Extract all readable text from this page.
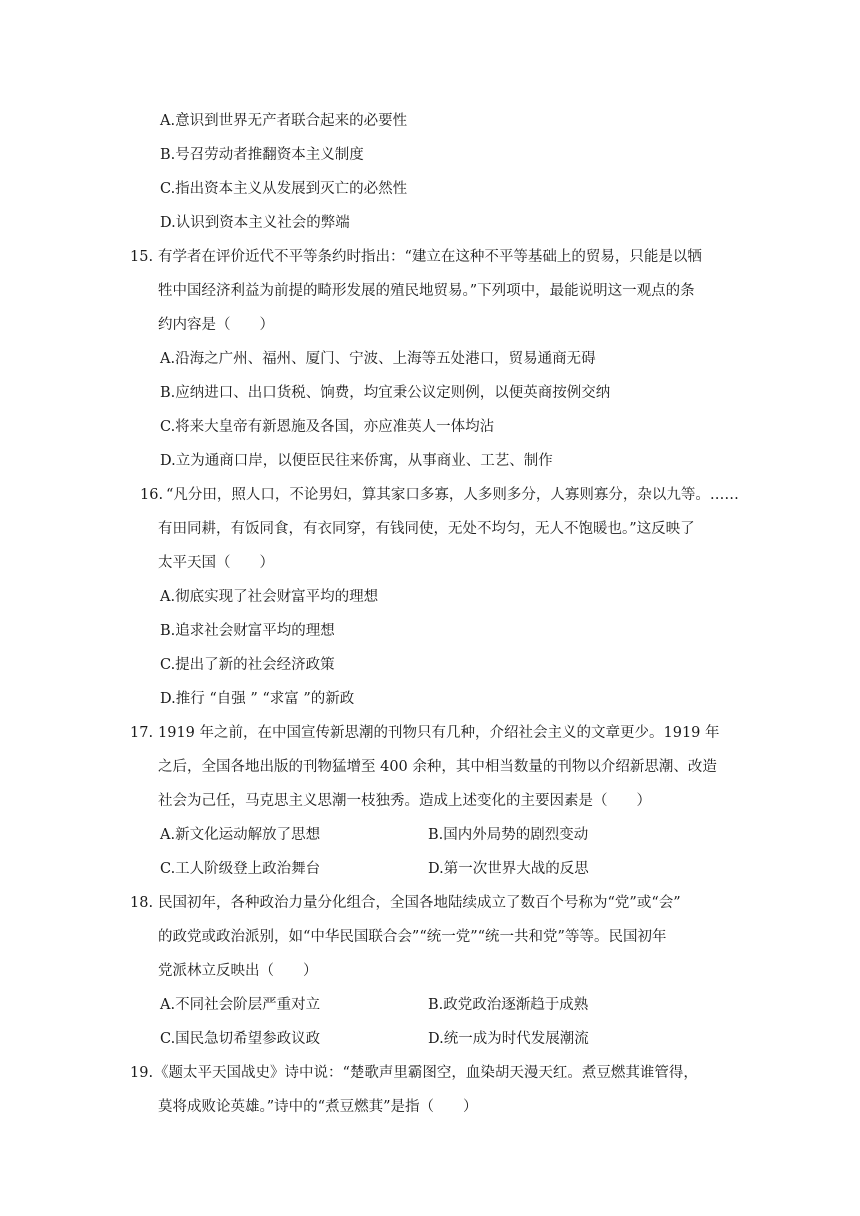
A.意识到世界无产者联合起来的必要性
B.号召劳动者推翻资本主义制度
C.指出资本主义从发展到灭亡的必然性
D.认识到资本主义社会的弊端
15. 有学者在评价近代不平等条约时指出：“建立在这种不平等基础上的贸易，只能是以牺
牲中国经济利益为前提的畸形发展的殖民地贸易。”下列项中，最能说明这一观点的条
约内容是（　　）
A.沿海之广州、福州、厦门、宁波、上海等五处港口，贸易通商无碍
B.应纳进口、出口货税、饷费，均宜秉公议定则例，以便英商按例交纳
C.将来大皇帝有新恩施及各国，亦应准英人一体均沾
D.立为通商口岸，以便臣民往来侨寓，从事商业、工艺、制作
16. “凡分田，照人口，不论男妇，算其家口多寡，人多则多分，人寡则寡分，杂以九等。……
有田同耕，有饭同食，有衣同穿，有钱同使，无处不均匀，无人不饱暖也。”这反映了
太平天国（　　）
A.彻底实现了社会财富平均的理想
B.追求社会财富平均的理想
C.提出了新的社会经济政策
D.推行 “自强 ” “求富 ”的新政
17. 1919 年之前，在中国宣传新思潮的刊物只有几种，介绍社会主义的文章更少。1919 年
之后，全国各地出版的刊物猛增至 400 余种，其中相当数量的刊物以介绍新思潮、改造
社会为己任，马克思主义思潮一枝独秀。造成上述变化的主要因素是（　　）
A.新文化运动解放了思想	B.国内外局势的剧烈变动
C.工人阶级登上政治舞台	D.第一次世界大战的反思
18. 民国初年，各种政治力量分化组合，全国各地陆续成立了数百个号称为“党”或“会”
的政党或政治派别，如“中华民国联合会”“统一党”“统一共和党”等等。民国初年
党派林立反映出（　　）
A.不同社会阶层严重对立	B.政党政治逐渐趋于成熟
C.国民急切希望参政议政	D.统一成为时代发展潮流
19. 《题太平天国战史》诗中说：“楚歌声里霸图空，血染胡天漫天红。煮豆燃萁谁管得，
莫将成败论英雄。”诗中的“煮豆燃萁”是指（　　）
